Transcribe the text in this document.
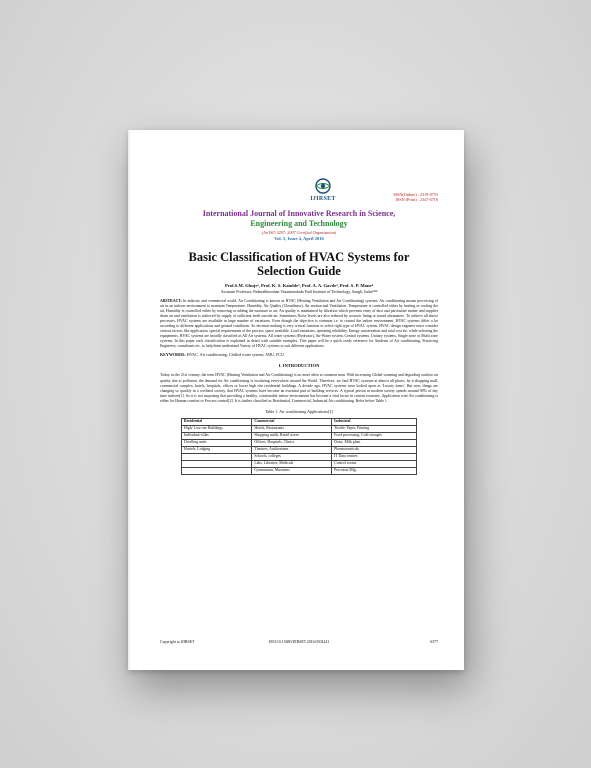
IJIRSET
ISSN(Online) : 2319-8753
ISSN (Print) : 2347-6710
International Journal of Innovative Research in Science,
Engineering and Technology
(An ISO 3297: 2007 Certified Organization)
Vol. 5, Issue 4, April 2016
Basic Classification of HVAC Systems for
Selection Guide
Prof.S.M. Ghuje¹, Prof. K. S. Kamble², Prof. A. A. Gavde³, Prof. S. P. Mane⁴
Assistant Professor, Padmabhooshan Vasantraodada Patil Institute of Technology, Sangli, India¹²³⁴
ABSTRACT: In industry and commercial world, Air Conditioning is known as HVAC (Heating Ventilation and Air Conditioning) systems. Air conditioning means processing of air in an indoors environment to maintain Temperature, Humidity, Air Quality (Cleanliness), Air motion and Ventilation. Temperature is controlled either by heating or cooling the air, Humidity is controlled either by removing or adding the moisture to air, Air quality is maintained by filtration which prevents entry of dust and particulate matter and supplier drain air and ventilation is achieved by supply of sufficient fresh outside air. Sometimes Noise levels are also reduced by acoustic lining or sound attenuators. To achieve all above processes, HVAC systems are available in large number of variations. Even though the objective is common i.e. to control the indoor environment, HVAC systems differ a lot according to different applications and ground conditions. So decision making is very critical function to select right type of HVAC system. HVAC design engineer must consider various factors like application, special requirements of the process, space available, Load variations, operating reliability, Energy conservation and total cost etc. while selecting the equipments. HVAC systems are broadly classified as All Air systems, All water systems (Hydronic), Air-Water system, Central systems, Unitary systems, Single zone or Multi zone systems. In this paper such classification is explained in detail with suitable examples. This paper will be a quick ready reference for Students of Air conditioning, Practicing Engineers, consultants etc. to help them understand Variety of HVAC systems to suit different applications.
KEYWORDS: HVAC, Air conditioning, Chilled water system, AHU, FCU
I. INTRODUCTION
Today, in the 21st century, the term HVAC (Heating Ventilation and Air Conditioning) is no more alien to common man. With increasing Global warming and degrading outdoor air quality due to pollution, the demand for Air conditioning is escalating everywhere around the World. Therefore, we find HVAC systems at almost all places, be it shopping mall, commercial complex, hotels, hospitals, offices or lower high rise residential buildings. A decade ago, HVAC systems were looked upon as 'Luxury items'. But now, things are changing so quickly in a civilized society, that HVAC systems have become an essential part of building services. A typical person in modern society spends around 90% of day time indoors[1]. So it is not surprising that providing a healthy, comfortable indoor environment has become a vital factor in current economy. Application wise Air conditioning is either for Human comfort or Process control[2]. It is further classified as Residential, Commercial, Industrial Air conditioning. Refer below Table 1.
Table 1. Air conditioning Applications[2]
Residential	Commercial	Industrial
High/ Low rise Buildings	Hotels, Restaurants	Textile, Paper, Printing
Individual villas	Shopping malls, Retail stores	Food processing, Cold storages
Dwelling units	Offices, Hospitals, Clinics	Dairy, Milk plant
Hostels, Lodging	Theatres, Auditoriums	Pharmaceuticals
	Schools, colleges	IT Data centres
	Labs, Libraries, Medicals	Control rooms
	Gymnasium, Museums	Precision Mfg.
Copyright to IJIRSET	DOI:10.15680/IJIRSET.2016.0504241	6377
